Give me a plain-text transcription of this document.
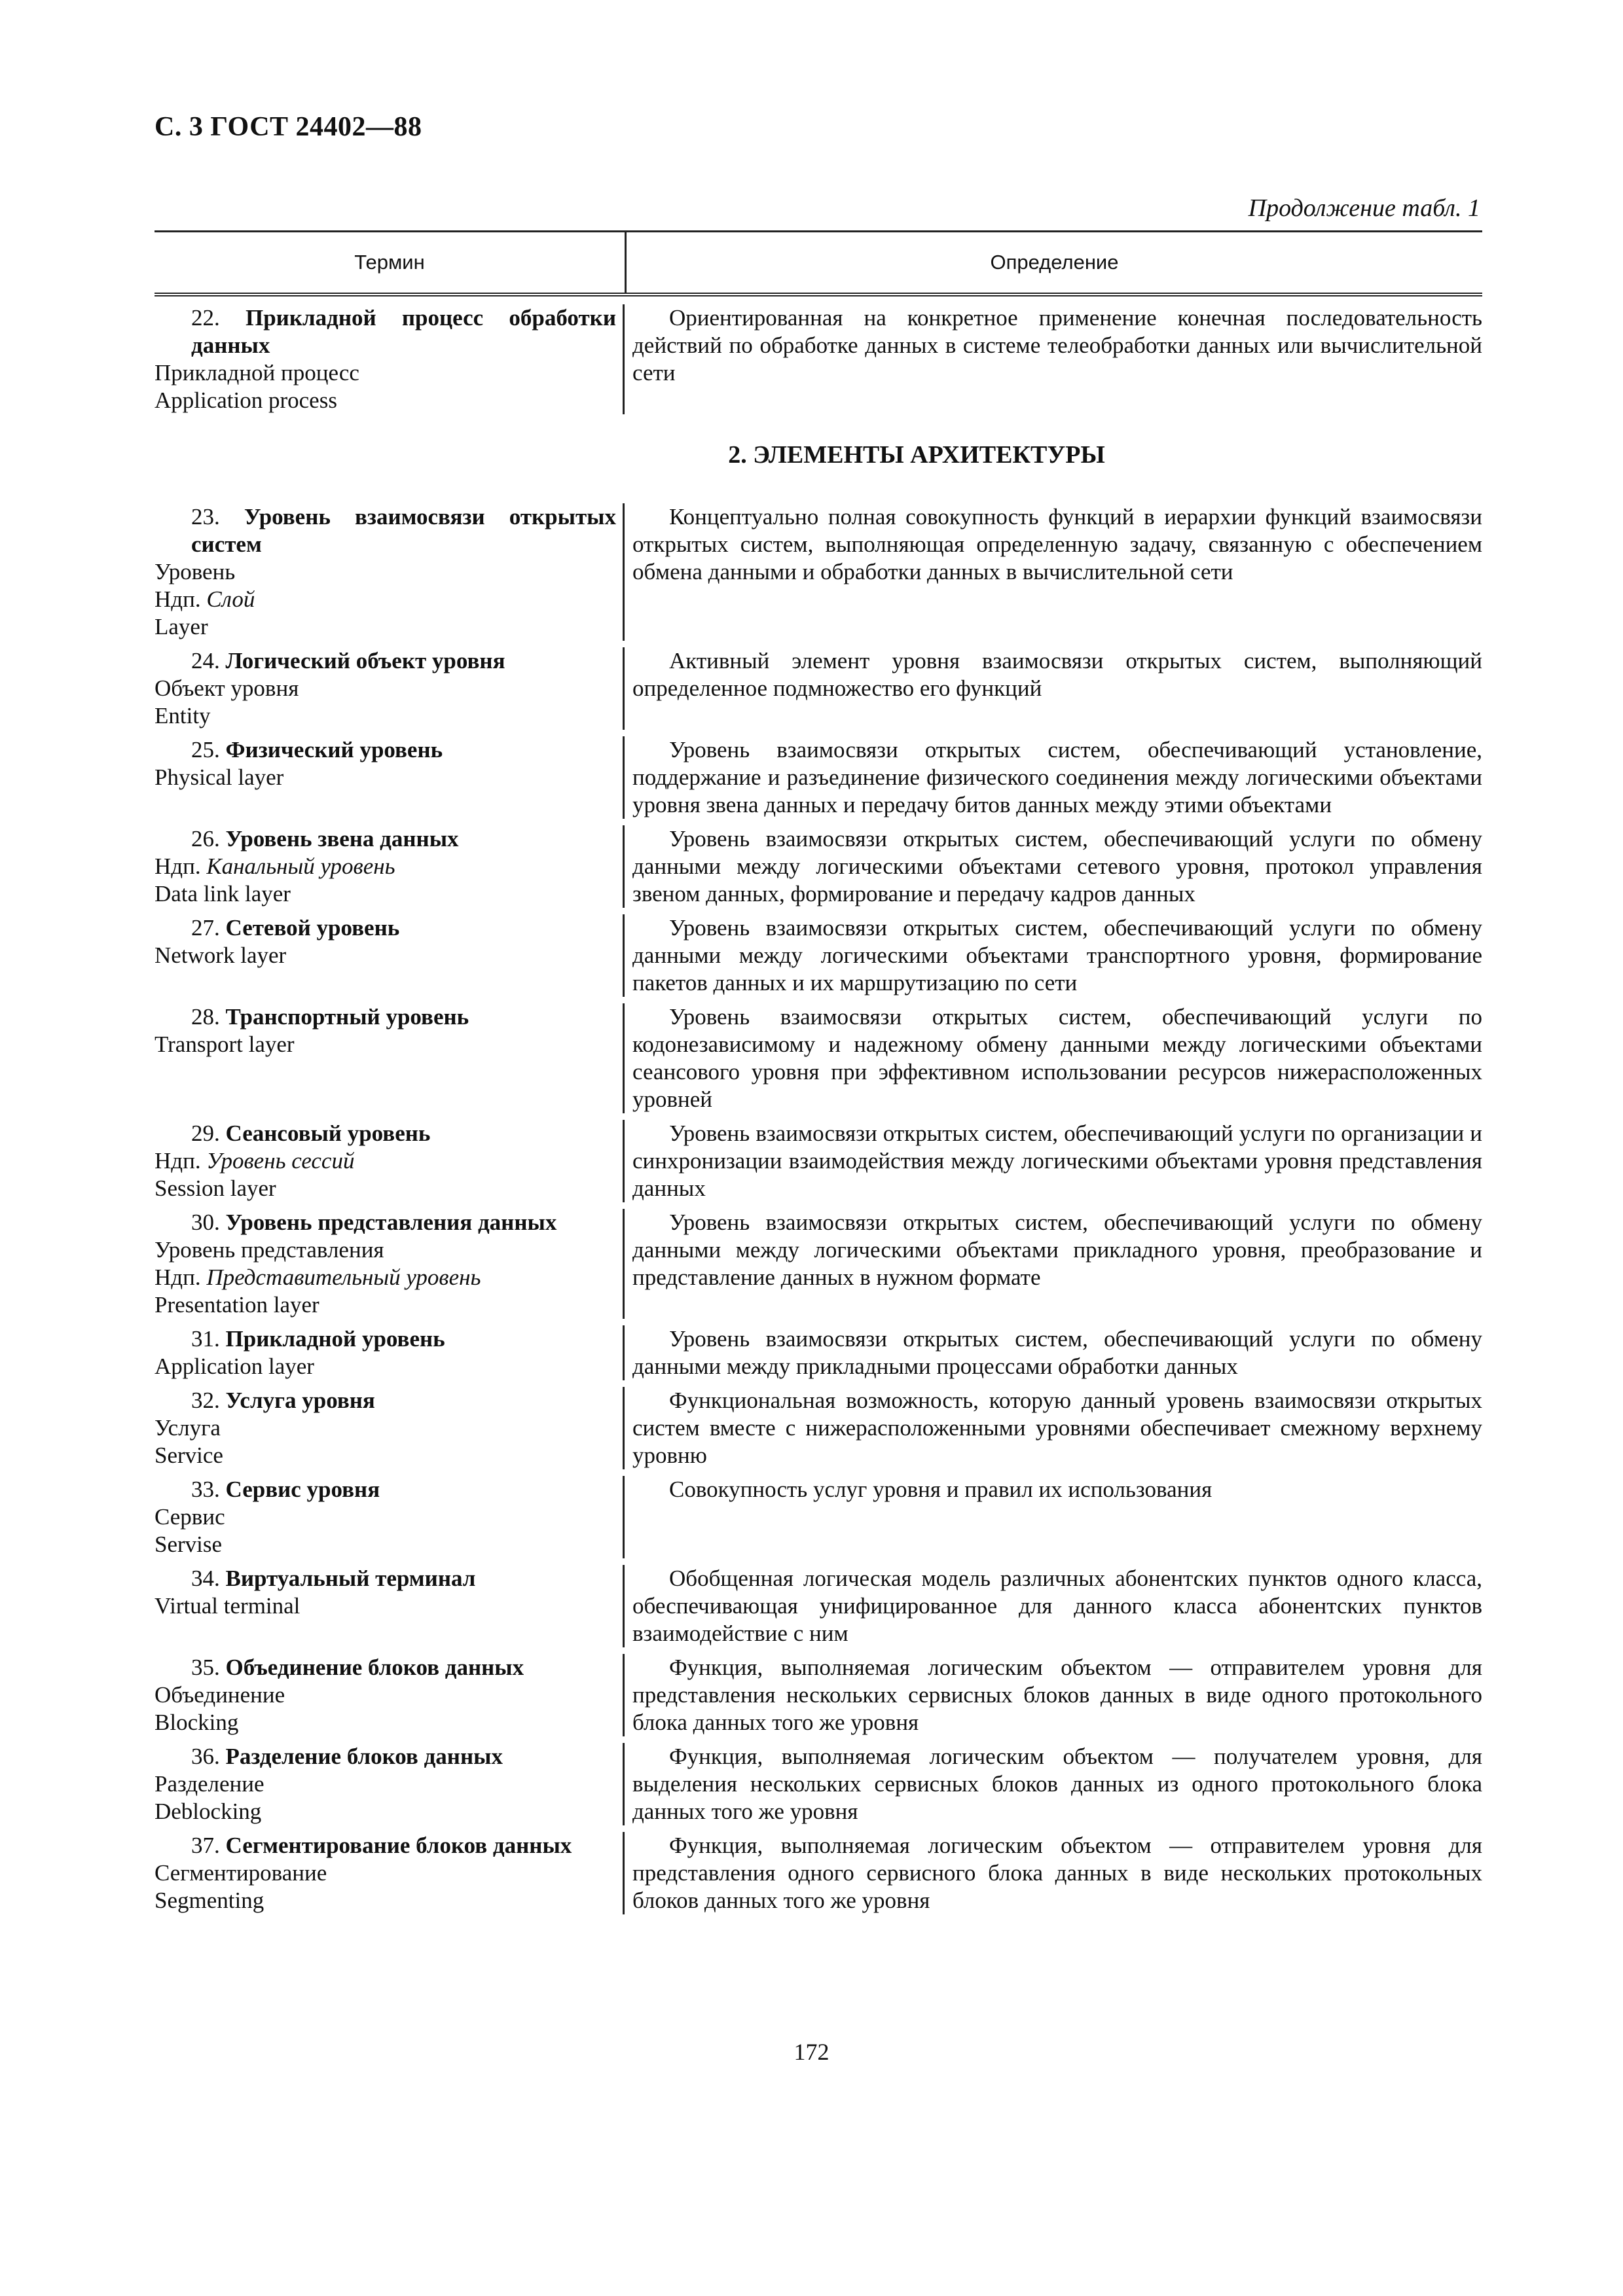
С. 3 ГОСТ 24402—88
Продолжение табл. 1
Термин	Определение
22. Прикладной процесс обработки данных
Прикладной процесс
Application process
Ориентированная на конкретное применение конечная последовательность действий по обработке данных в системе телеобработки данных или вычислительной сети
2. ЭЛЕМЕНТЫ АРХИТЕКТУРЫ
23. Уровень взаимосвязи открытых систем
Уровень
Ндп. Слой
Layer
Концептуально полная совокупность функций в иерархии функций взаимосвязи открытых систем, выполняющая определенную задачу, связанную с обеспечением обмена данными и обработки данных в вычислительной сети
24. Логический объект уровня
Объект уровня
Entity
Активный элемент уровня взаимосвязи открытых систем, выполняющий определенное подмножество его функций
25. Физический уровень
Physical layer
Уровень взаимосвязи открытых систем, обеспечивающий установление, поддержание и разъединение физического соединения между логическими объектами уровня звена данных и передачу битов данных между этими объектами
26. Уровень звена данных
Ндп. Канальный уровень
Data link layer
Уровень взаимосвязи открытых систем, обеспечивающий услуги по обмену данными между логическими объектами сетевого уровня, протокол управления звеном данных, формирование и передачу кадров данных
27. Сетевой уровень
Network layer
Уровень взаимосвязи открытых систем, обеспечивающий услуги по обмену данными между логическими объектами транспортного уровня, формирование пакетов данных и их маршрутизацию по сети
28. Транспортный уровень
Transport layer
Уровень взаимосвязи открытых систем, обеспечивающий услуги по кодонезависимому и надежному обмену данными между логическими объектами сеансового уровня при эффективном использовании ресурсов нижерасположенных уровней
29. Сеансовый уровень
Ндп. Уровень сессий
Session layer
Уровень взаимосвязи открытых систем, обеспечивающий услуги по организации и синхронизации взаимодействия между логическими объектами уровня представления данных
30. Уровень представления данных
Уровень представления
Ндп. Представительный уровень
Presentation layer
Уровень взаимосвязи открытых систем, обеспечивающий услуги по обмену данными между логическими объектами прикладного уровня, преобразование и представление данных в нужном формате
31. Прикладной уровень
Application layer
Уровень взаимосвязи открытых систем, обеспечивающий услуги по обмену данными между прикладными процессами обработки данных
32. Услуга уровня
Услуга
Service
Функциональная возможность, которую данный уровень взаимосвязи открытых систем вместе с нижерасположенными уровнями обеспечивает смежному верхнему уровню
33. Сервис уровня
Сервис
Servise
Совокупность услуг уровня и правил их использования
34. Виртуальный терминал
Virtual terminal
Обобщенная логическая модель различных абонентских пунктов одного класса, обеспечивающая унифицированное для данного класса абонентских пунктов взаимодействие с ним
35. Объединение блоков данных
Объединение
Blocking
Функция, выполняемая логическим объектом — отправителем уровня для представления нескольких сервисных блоков данных в виде одного протокольного блока данных того же уровня
36. Разделение блоков данных
Разделение
Deblocking
Функция, выполняемая логическим объектом — получателем уровня, для выделения нескольких сервисных блоков данных из одного протокольного блока данных того же уровня
37. Сегментирование блоков данных
Сегментирование
Segmenting
Функция, выполняемая логическим объектом — отправителем уровня для представления одного сервисного блока данных в виде нескольких протокольных блоков данных того же уровня
172
